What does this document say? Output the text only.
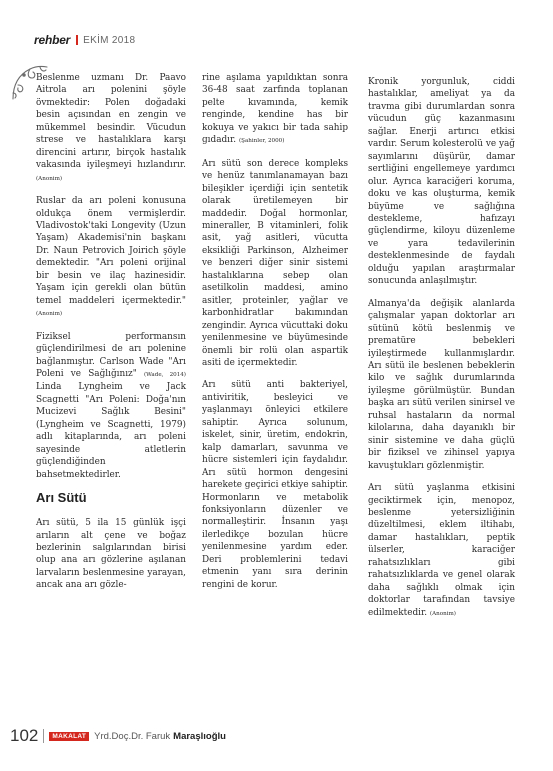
rehber EKİM 2018

Beslenme uzmanı Dr. Paavo Aitrola arı polenini şöyle övmektedir: Polen doğadaki besin açısından en zengin ve mükemmel besindir. Vücudun strese ve hastalıklara karşı direncini artırır, birçok hastalık vakasında iyileşmeyi hızlandırır. (Anonim)

Ruslar da arı poleni konusuna oldukça önem vermişlerdir. Vladivostok'taki Longevity (Uzun Yaşam) Akademisi'nin başkanı Dr. Naun Petrovich Joirich şöyle demektedir. "Arı poleni orijinal bir besin ve ilaç hazinesidir. Yaşam için gerekli olan bütün temel maddeleri içermektedir."(Anonim)

Fiziksel performansın güçlendirilmesi de arı polenine bağlanmıştır. Carlson Wade "Arı Poleni ve Sağlığınız" (Wade, 2014) Linda Lyngheim ve Jack Scagnetti "Arı Poleni: Doğa'nın Mucizevi Sağlık Besini" (Lyngheim ve Scagnetti, 1979) adlı kitaplarında, arı poleni sayesinde atletlerin güçlendiğinden bahsetmektedirler.

Arı Sütü

Arı sütü, 5 ila 15 günlük işçi arıların alt çene ve boğaz bezlerinin salgılarından birisi olup ana arı gözlerine aşılanan larvaların beslenmesine yarayan, ancak ana arı gözle-

rine aşılama yapıldıktan sonra 36-48 saat zarfında toplanan pelte kıvamında, kemik renginde, kendine has bir kokuya ve yakıcı bir tada sahip gıdadır. (Şahinler, 2000)

Arı sütü son derece kompleks ve henüz tanımlanamayan bazı bileşikler içerdiği için sentetik olarak üretilemeyen bir maddedir. Doğal hormonlar, mineraller, B vitaminleri, folik asit, yağ asitleri, vücutta eksikliği Parkinson, Alzheimer ve benzeri diğer sinir sistemi hastalıklarına sebep olan asetilkolin maddesi, amino asitler, proteinler, yağlar ve karbonhidratlar bakımından zengindir. Ayrıca vücuttaki doku yenilenmesine ve büyümesinde önemli bir rolü olan aspartik asiti de içermektedir.

Arı sütü anti bakteriyel, antiviritik, besleyici ve yaşlanmayı önleyici etkilere sahiptir. Ayrıca solunum, iskelet, sinir, üretim, endokrin, kalp damarları, savunma ve hücre sistemleri için faydalıdır. Arı sütü hormon dengesini harekete geçirici etkiye sahiptir. Hormonların ve metabolik fonksiyonların düzenler ve normalleştirir. İnsanın yaşı ilerledikçe bozulan hücre yenilenmesine yardım eder. Deri problemlerini tedavi etmenin yanı sıra derinin rengini de korur.

Kronik yorgunluk, ciddi hastalıklar, ameliyat ya da travma gibi durumlardan sonra vücudun güç kazanmasını sağlar. Enerji artırıcı etkisi vardır. Serum kolesterolü ve yağ sayımlarını düşürür, damar sertliğini engellemeye yardımcı olur. Ayrıca karaciğeri koruma, doku ve kas oluşturma, kemik büyüme ve sağlığına destekleme, hafızayı güçlendirme, kiloyu düzenleme ve yara tedavilerinin desteklenmesinde de faydalı olduğu yapılan araştırmalar sonucunda anlaşılmıştır.

Almanya'da değişik alanlarda çalışmalar yapan doktorlar arı sütünü kötü beslenmiş ve prematüre bebekleri iyileştirmede kullanmışlardır. Arı sütü ile beslenen bebeklerin kilo ve sağlık durumlarında iyileşme görülmüştür. Bundan başka arı sütü verilen sinirsel ve ruhsal hastaların da normal kilolarına, daha dayanıklı bir sinir sistemine ve daha güçlü bir fiziksel ve zihinsel yapıya kavuştukları gözlenmiştir.

Arı sütü yaşlanma etkisini geciktirmek için, menopoz, beslenme yetersizliğinin düzeltilmesi, eklem iltihabı, damar hastalıkları, peptik ülserler, karaciğer rahatsızlıkları gibi rahatsızlıklarda ve genel olarak daha sağlıklı olmak için doktorlar tarafından tavsiye edilmektedir. (Anonim)

102	MAKALAT Yrd.Doç.Dr. Faruk Maraşlıoğlu
